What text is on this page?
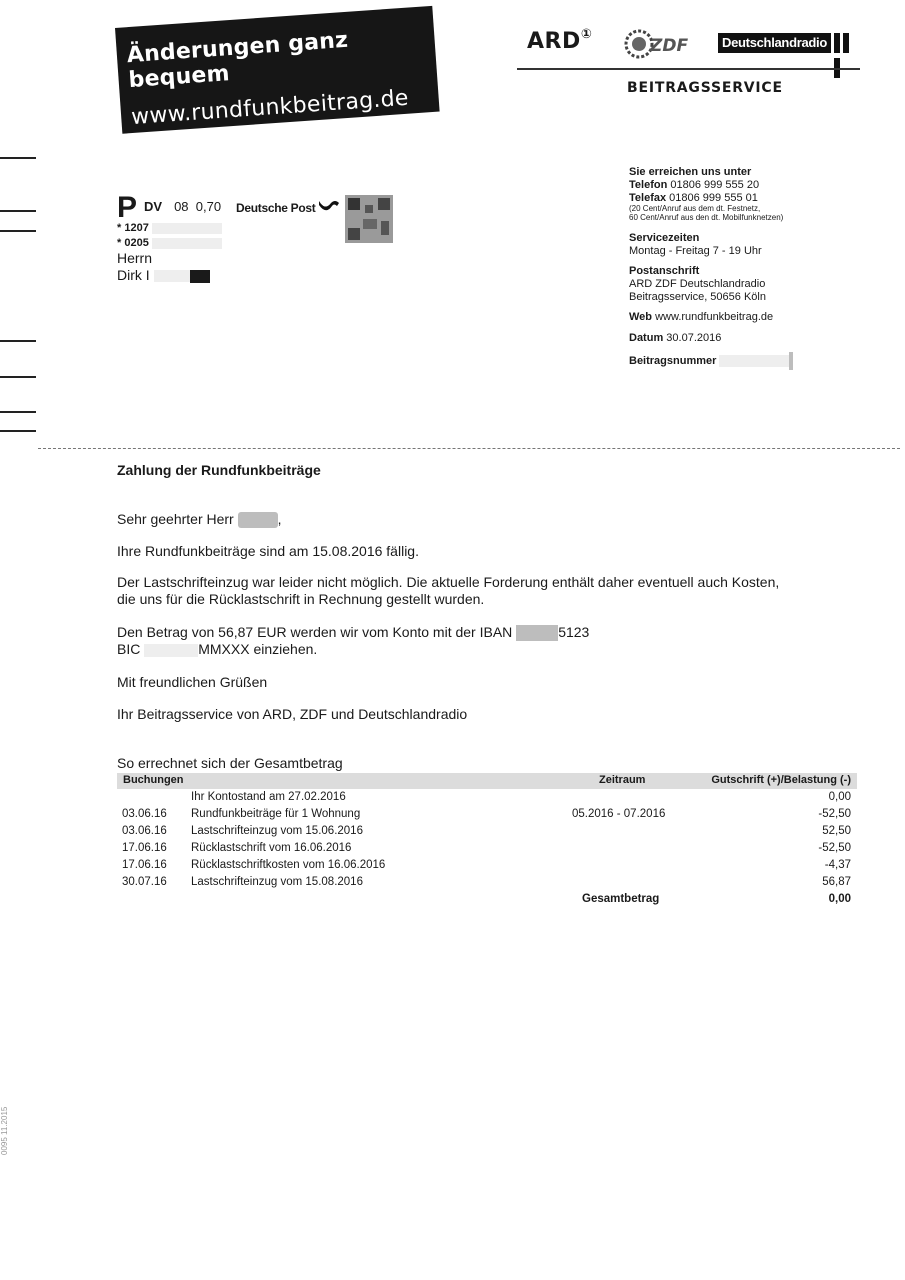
Änderungen ganz bequem
www.rundfunkbeitrag.de
ARD①
ZDF	Deutschlandradio
BEITRAGSSERVICE
P DV 08 0,70 Deutsche Post
* 1207
* 0205
Herrn
Dirk I
Sie erreichen uns unter
Telefon 01806 999 555 20
Telefax 01806 999 555 01
(20 Cent/Anruf aus dem dt. Festnetz,
60 Cent/Anruf aus den dt. Mobilfunknetzen)
Servicezeiten
Montag - Freitag 7 - 19 Uhr
Postanschrift
ARD ZDF Deutschlandradio
Beitragsservice, 50656 Köln
Web www.rundfunkbeitrag.de
Datum 30.07.2016
Beitragsnummer
Zahlung der Rundfunkbeiträge
Sehr geehrter Herr	,
Ihre Rundfunkbeiträge sind am 15.08.2016 fällig.
Der Lastschrifteinzug war leider nicht möglich. Die aktuelle Forderung enthält daher eventuell auch Kosten,
die uns für die Rücklastschrift in Rechnung gestellt wurden.
Den Betrag von 56,87 EUR werden wir vom Konto mit der IBAN	5123
BIC	MMXXX einziehen.
Mit freundlichen Grüßen
Ihr Beitragsservice von ARD, ZDF und Deutschlandradio
So errechnet sich der Gesamtbetrag
Buchungen	Zeitraum	Gutschrift (+)/Belastung (-)
Ihr Kontostand am 27.02.2016	0,00
03.06.16 Rundfunkbeiträge für 1 Wohnung	05.2016 - 07.2016	-52,50
03.06.16 Lastschrifteinzug vom 15.06.2016	52,50
17.06.16 Rücklastschrift vom 16.06.2016	-52,50
17.06.16 Rücklastschriftkosten vom 16.06.2016	-4,37
30.07.16 Lastschrifteinzug vom 15.08.2016	56,87
Gesamtbetrag	0,00
0095 11.2015
